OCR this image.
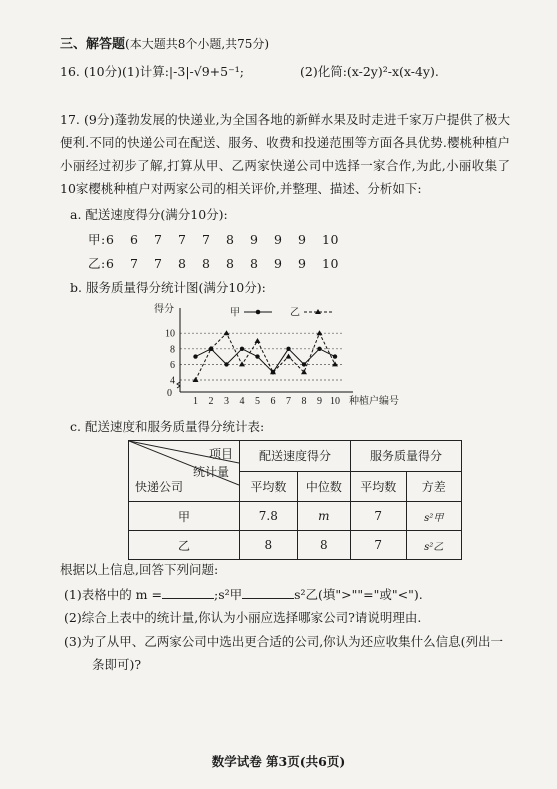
三、解答题(本大题共8个小题,共75分)
16. (10分)(1)计算:|-3|-√9+5⁻¹;	(2)化简:(x-2y)²-x(x-4y).
17. (9分)蓬勃发展的快递业,为全国各地的新鲜水果及时走进千家万户提供了极大便利.不同的快递公司在配送、服务、收费和投递范围等方面各具优势.樱桃种植户小丽经过初步了解,打算从甲、乙两家快递公司中选择一家合作,为此,小丽收集了10家樱桃种植户对两家公司的相关评价,并整理、描述、分析如下:
a. 配送速度得分(满分10分):
甲:6 6 7 7 7 8 9 9 9 10
乙:6 7 7 8 8 8 8 9 9 10
b. 服务质量得分统计图(满分10分):
0
4
6
8
10
得分
1 2 3 4 5 6 7 8 9 10 种植户编号
甲	乙
c. 配送速度和服务质量得分统计表:
项目
统计量
快递公司	配送速度得分		服务质量得分	
	平均数	中位数	平均数	方差
甲	7.8	m	7	s²甲
乙	8	8	7	s²乙
根据以上信息,回答下列问题:
(1)表格中的 m =	;s²甲	s²乙(填">""="或"<").
(2)综合上表中的统计量,你认为小丽应选择哪家公司?请说明理由.
(3)为了从甲、乙两家公司中选出更合适的公司,你认为还应收集什么信息(列出一
条即可)?
数学试卷 第3页(共6页)
